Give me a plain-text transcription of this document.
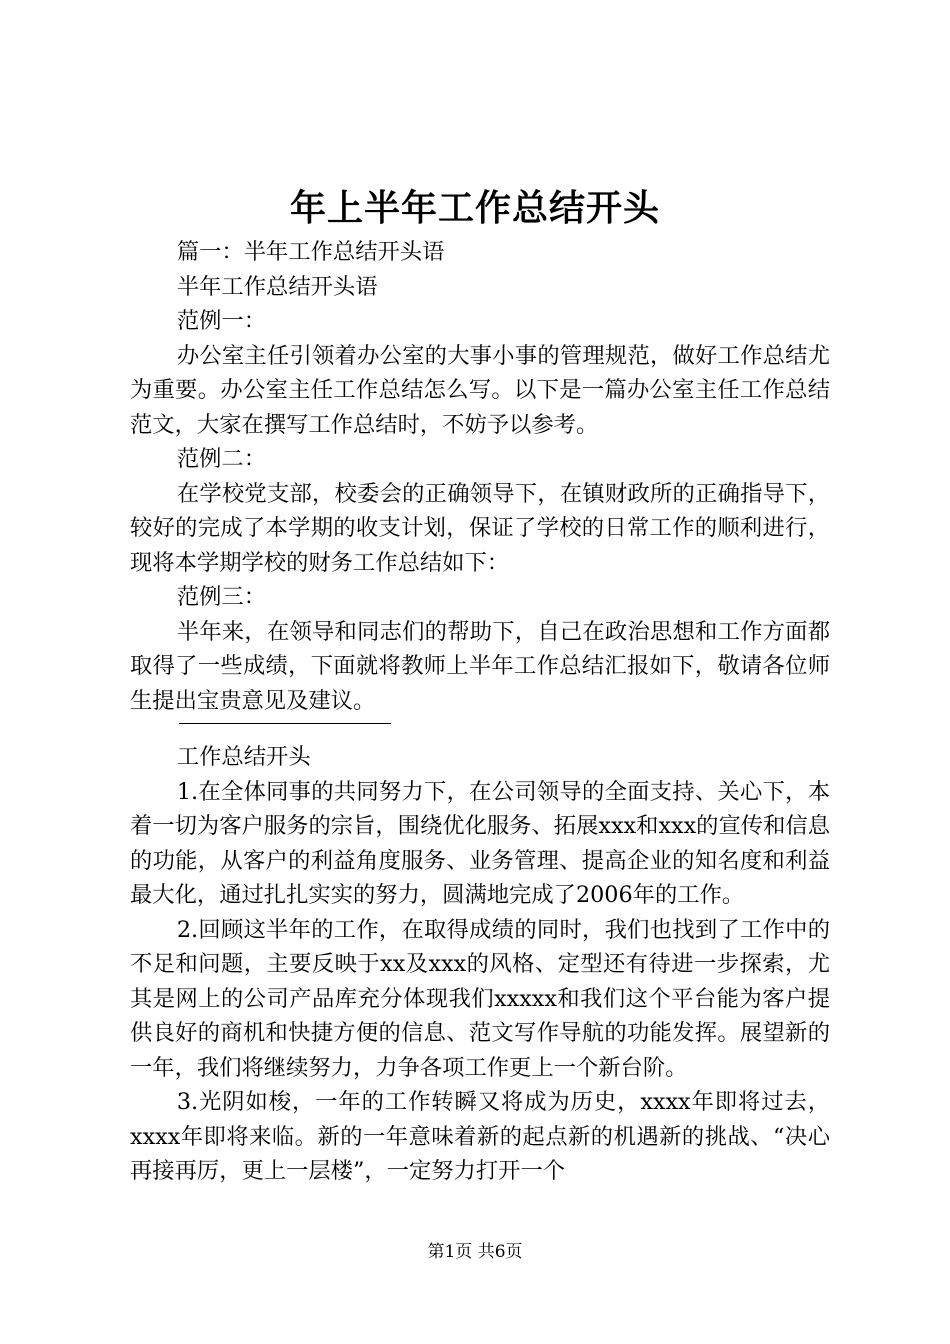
年上半年工作总结开头

篇一：半年工作总结开头语

半年工作总结开头语

范例一：

办公室主任引领着办公室的大事小事的管理规范，做好工作总结尤为重要。办公室主任工作总结怎么写。以下是一篇办公室主任工作总结范文，大家在撰写工作总结时，不妨予以参考。

范例二：

在学校党支部，校委会的正确领导下，在镇财政所的正确指导下，较好的完成了本学期的收支计划，保证了学校的日常工作的顺利进行，现将本学期学校的财务工作总结如下：

范例三：

半年来，在领导和同志们的帮助下，自己在政治思想和工作方面都取得了一些成绩，下面就将教师上半年工作总结汇报如下，敬请各位师生提出宝贵意见及建议。

工作总结开头

1.在全体同事的共同努力下，在公司领导的全面支持、关心下，本着一切为客户服务的宗旨，围绕优化服务、拓展xxx和xxx的宣传和信息的功能，从客户的利益角度服务、业务管理、提高企业的知名度和利益最大化，通过扎扎实实的努力，圆满地完成了2006年的工作。

2.回顾这半年的工作，在取得成绩的同时，我们也找到了工作中的不足和问题，主要反映于xx及xxx的风格、定型还有待进一步探索，尤其是网上的公司产品库充分体现我们xxxxx和我们这个平台能为客户提供良好的商机和快捷方便的信息、范文写作导航的功能发挥。展望新的一年，我们将继续努力，力争各项工作更上一个新台阶。

3.光阴如梭，一年的工作转瞬又将成为历史，xxxx年即将过去，xxxx年即将来临。新的一年意味着新的起点新的机遇新的挑战、“决心再接再厉，更上一层楼”，一定努力打开一个

第1页 共6页
